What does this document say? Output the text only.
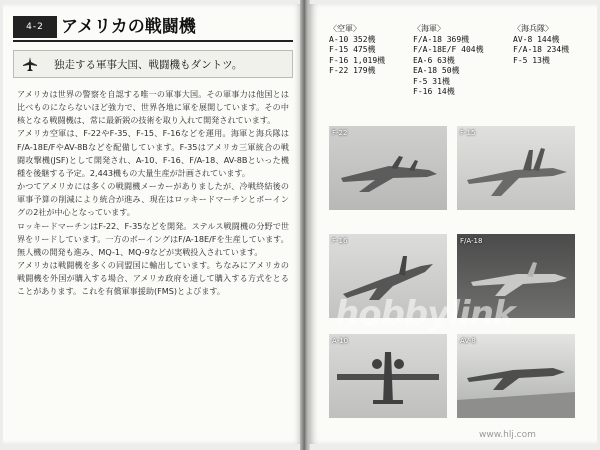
4-2	アメリカの戦闘機
独走する軍事大国、戦闘機もダントツ。

アメリカは世界の警察を自認する唯一の軍事大国。その軍事力は他国とは比べものにならないほど強力で、世界各地に軍を展開しています。その中核となる戦闘機は、常に最新鋭の技術を取り入れて開発されています。

アメリカ空軍は、F-22やF-35、F-15、F-16などを運用。海軍と海兵隊はF/A-18E/FやAV-8Bなどを配備しています。F-35はアメリカ三軍統合の戦闘攻撃機(JSF)として開発され、A-10、F-16、F/A-18、AV-8Bといった機種を後継する予定。2,443機もの大量生産が計画されています。

かつてアメリカには多くの戦闘機メーカーがありましたが、冷戦終結後の軍事予算の削減により統合が進み、現在はロッキードマーチンとボーイングの2社が中心となっています。

ロッキードマーチンはF-22、F-35などを開発。ステルス戦闘機の分野で世界をリードしています。一方のボーイングはF/A-18E/Fを生産しています。

無人機の開発も進み、MQ-1、MQ-9などが実戦投入されています。

アメリカは戦闘機を多くの同盟国に輸出しています。ちなみにアメリカの戦闘機を外国が購入する場合、アメリカ政府を通して購入する方式をとることがあります。これを有償軍事援助(FMS)とよびます。

〈空軍〉
A-10 352機
F-15 475機
F-16 1,019機
F-22 179機
〈海軍〉
F/A-18 369機
F/A-18E/F 404機
EA-6 63機
EA-18 50機
F-5 31機
F-16 14機
〈海兵隊〉
AV-8 144機
F/A-18 234機
F-5 13機
F-22	F-15
F-16	F/A-18
A-10	AV-8
hobbylink
www.hlj.com
